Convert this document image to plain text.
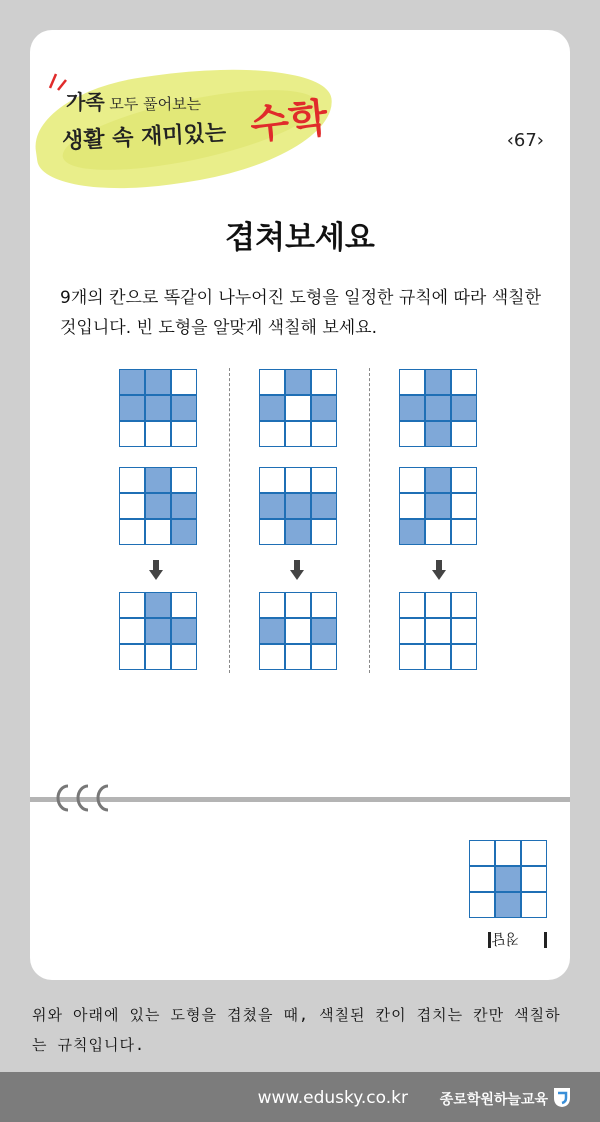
가족 모두 풀어보는
생활 속 재미있는 수학	‹67›
겹쳐보세요
9개의 칸으로 똑같이 나누어진 도형을 일정한 규칙에 따라 색칠한 것입니다. 빈 도형을 알맞게 색칠해 보세요.
정답
위와 아래에 있는 도형을 겹쳤을 때, 색칠된 칸이 겹치는 칸만 색칠하는 규칙입니다.
www.edusky.co.kr 종로학원하늘교육
